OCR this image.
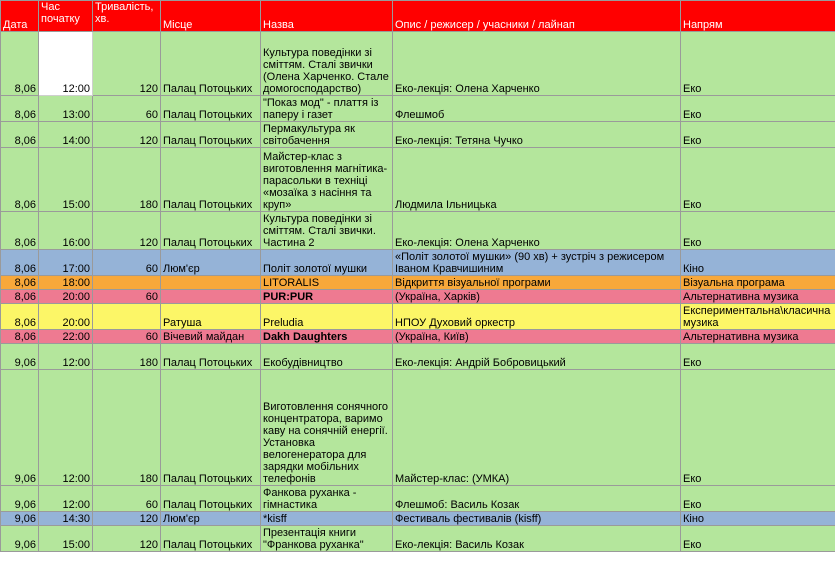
Дата	Час початку	Тривалість, хв.	Місце	Назва	Опис / режисер / учасники / лайнап	Напрям
8,06	12:00	120	Палац Потоцьких	Культура поведінки зі сміттям. Сталі звички (Олена Харченко. Стале домогосподарство)	Еко-лекція: Олена Харченко	Еко
8,06	13:00	60	Палац Потоцьких	"Показ мод" - плаття із паперу і газет	Флешмоб	Еко
8,06	14:00	120	Палац Потоцьких	Пермакультура як світобачення	Еко-лекція: Тетяна Чучко	Еко
8,06	15:00	180	Палац Потоцьких	Майстер-клас з виготовлення магнітика-парасольки в техніці «мозаїка з насіння та круп»	Людмила Ільницька	Еко
8,06	16:00	120	Палац Потоцьких	Культура поведінки зі сміттям. Сталі звички. Частина 2	Еко-лекція: Олена Харченко	Еко
8,06	17:00	60	Люм'єр	Політ золотої мушки	«Політ золотої мушки» (90 хв) + зустріч з режисером Іваном Кравчишиним	Кіно
8,06	18:00			LITORALIS	Відкриття візуальної програми	Візуальна програма
8,06	20:00	60		PUR:PUR	(Україна, Харків)	Альтернативна музика
8,06	20:00		Ратуша	Preludia	НПОУ Духовий оркестр	Експериментальна\класична музика
8,06	22:00	60	Вічевий майдан	Dakh Daughters	(Україна, Київ)	Альтернативна музика
9,06	12:00	180	Палац Потоцьких	Екобудівництво	Еко-лекція: Андрій Бобровицький	Еко
9,06	12:00	180	Палац Потоцьких	Виготовлення сонячного концентратора, варимо каву на сонячній енергії. Установка велогенератора для зарядки мобільних телефонів	Майстер-клас: (УМКА)	Еко
9,06	12:00	60	Палац Потоцьких	Фанкова руханка - гімнастика	Флешмоб: Василь Козак	Еко
9,06	14:30	120	Люм'єр	*kisff	Фестиваль фестивалів (kisff)	Кіно
9,06	15:00	120	Палац Потоцьких	Презентація книги "Франкова руханка"	Еко-лекція: Василь Козак	Еко
